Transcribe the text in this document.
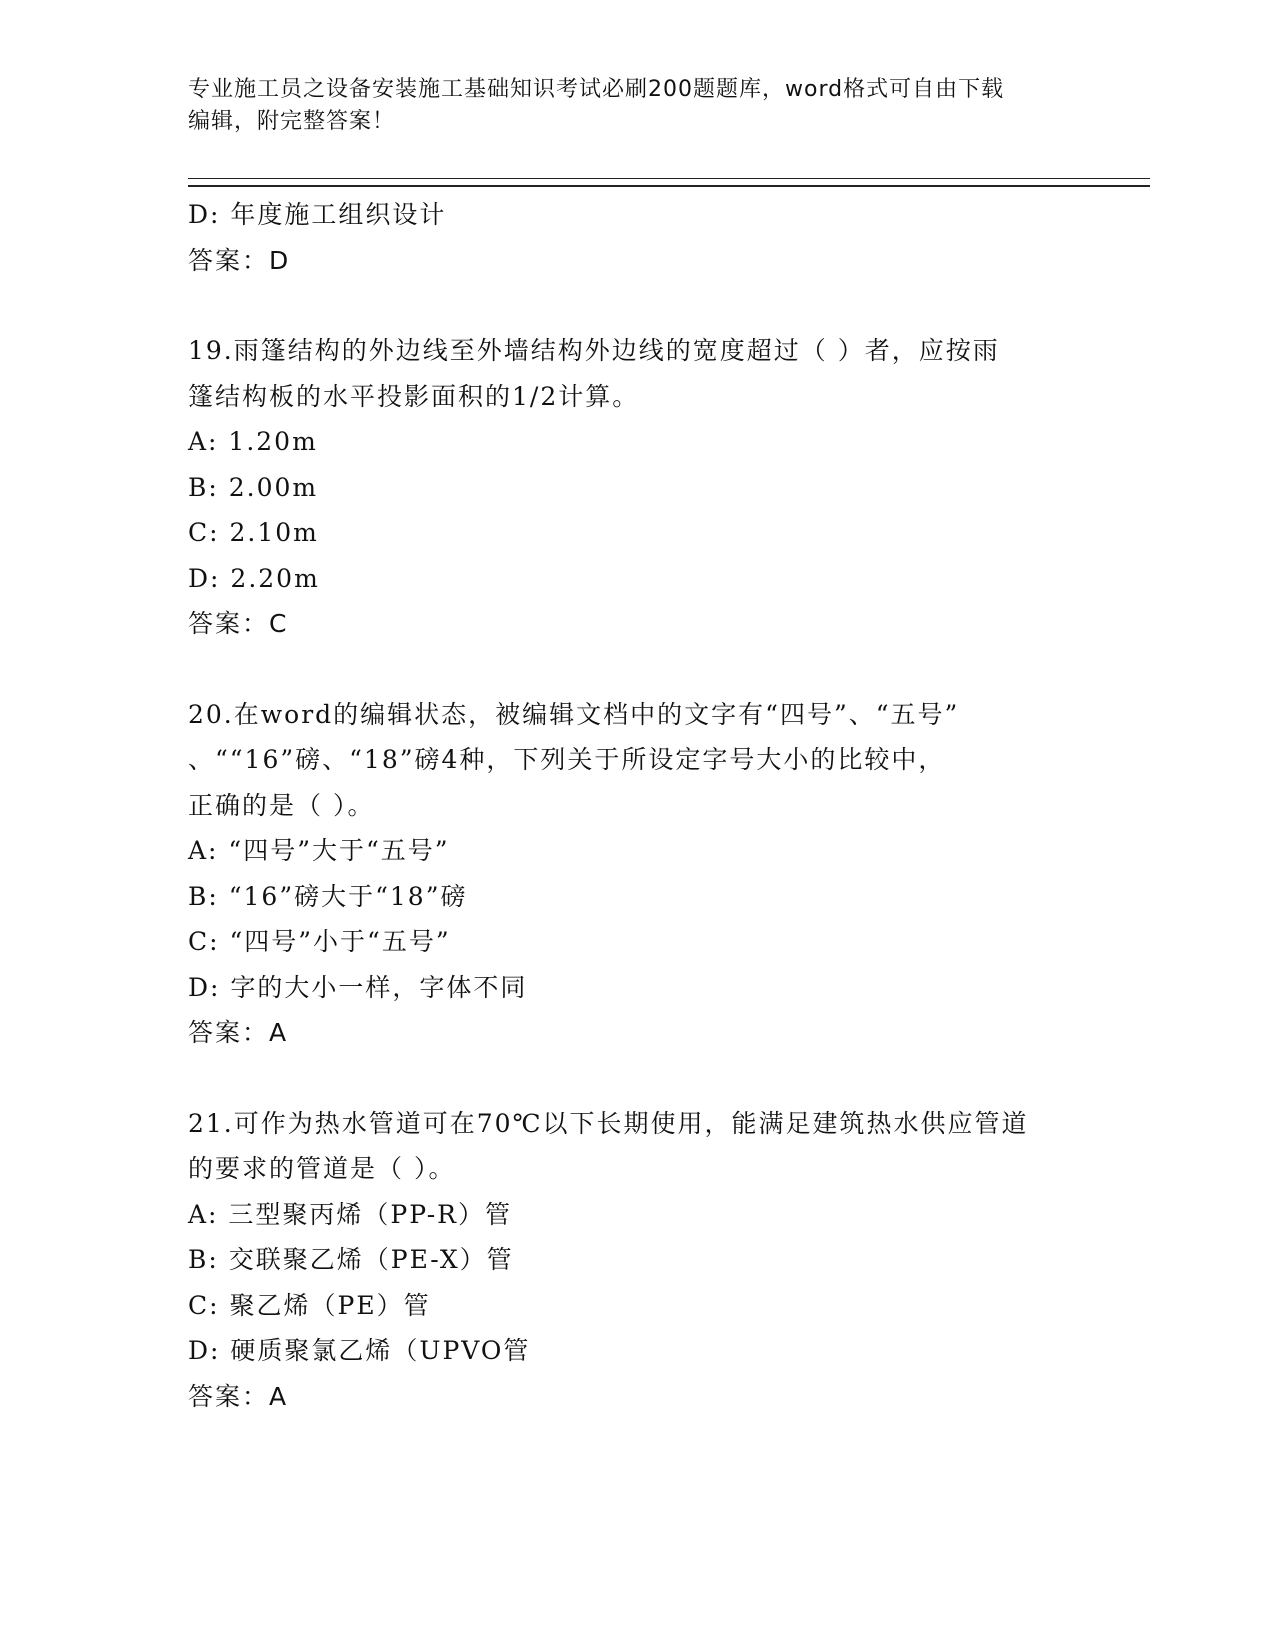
专业施工员之设备安装施工基础知识考试必刷200题题库，word格式可自由下载
编辑，附完整答案！
D: 年度施工组织设计
答案：D
19.雨篷结构的外边线至外墙结构外边线的宽度超过（ ）者，应按雨
篷结构板的水平投影面积的1/2计算。
A: 1.20m
B: 2.00m
C: 2.10m
D: 2.20m
答案：C
20.在word的编辑状态，被编辑文档中的文字有“四号”、“五号”
、““16”磅、“18”磅4种，下列关于所设定字号大小的比较中，
正确的是（ ）。
A: “四号”大于“五号”
B: “16”磅大于“18”磅
C: “四号”小于“五号”
D: 字的大小一样，字体不同
答案：A
21.可作为热水管道可在70℃以下长期使用，能满足建筑热水供应管道
的要求的管道是（ ）。
A: 三型聚丙烯（PP-R）管
B: 交联聚乙烯（PE-X）管
C: 聚乙烯（PE）管
D: 硬质聚氯乙烯（UPVO管
答案：A
